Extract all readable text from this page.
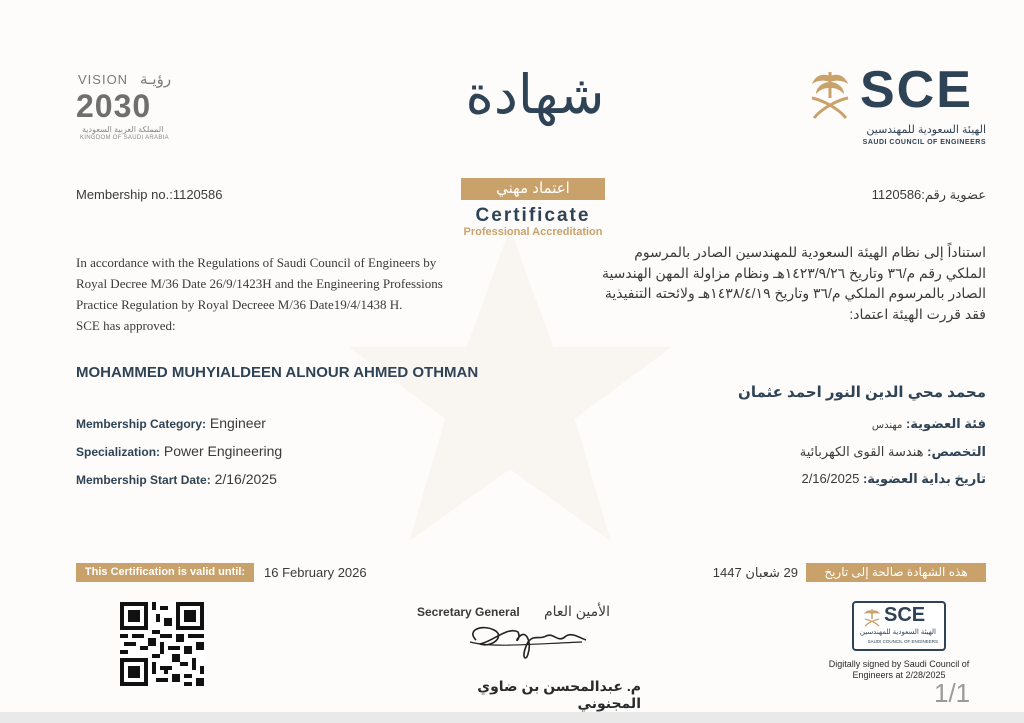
VISION رؤيـة
2030
المملكة العربية السعودية
KINGDOM OF SAUDI ARABIA
شهادة
اعتماد مهني
Certificate
Professional Accreditation
SCE
الهيئة السعودية للمهندسين
SAUDI COUNCIL OF ENGINEERS
Membership no.:1120586	عضوية رقم:1120586
In accordance with the Regulations of Saudi Council of Engineers by
Royal Decree M/36 Date 26/9/1423H and the Engineering Professions
Practice Regulation by Royal Decreee M/36 Date19/4/1438 H.
SCE has approved:
استناداً إلى نظام الهيئة السعودية للمهندسين الصادر بالمرسوم
الملكي رقم م/٣٦ وتاريخ ١٤٢٣/٩/٢٦هـ ونظام مزاولة المهن الهندسية
الصادر بالمرسوم الملكي م/٣٦ وتاريخ ١٤٣٨/٤/١٩هـ ولائحته التنفيذية
فقد قررت الهيئة اعتماد:
MOHAMMED MUHYIALDEEN ALNOUR AHMED OTHMAN
محمد محي الدين النور احمد عثمان
Membership Category: Engineer
Specialization: Power Engineering
Membership Start Date: 2/16/2025
فئة العضوية: مهندس
التخصص: هندسة القوى الكهربائية
تاريخ بداية العضوية: 2/16/2025
This Certification is valid until:	16 February 2026	هذه الشهادة صالحة إلى تاريخ
29 شعبان 1447
Secretary General الأمين العام
م. عبدالمحسن بن ضاوي المجنوني
SCE
الهيئة السعودية للمهندسين
SAUDI COUNCIL OF ENGINEERS
Digitally signed by Saudi Council of
Engineers at 2/28/2025
1/1
